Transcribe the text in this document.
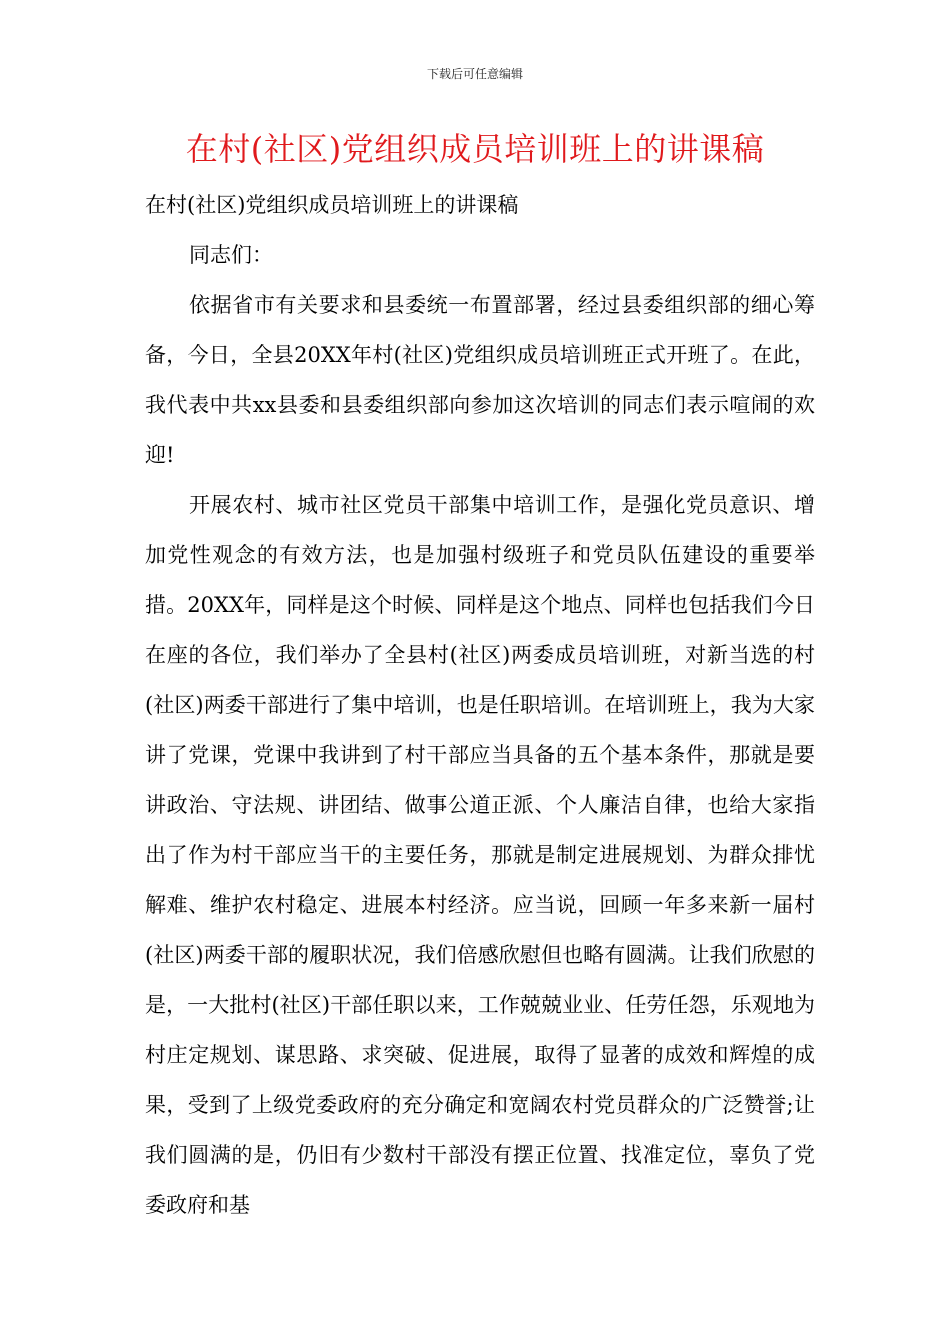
下载后可任意编辑
在村(社区)党组织成员培训班上的讲课稿

在村(社区)党组织成员培训班上的讲课稿

同志们：

依据省市有关要求和县委统一布置部署，经过县委组织部的细心筹备，今日，全县20XX年村(社区)党组织成员培训班正式开班了。在此，我代表中共xx县委和县委组织部向参加这次培训的同志们表示喧闹的欢迎!

开展农村、城市社区党员干部集中培训工作，是强化党员意识、增加党性观念的有效方法，也是加强村级班子和党员队伍建设的重要举措。20XX年，同样是这个时候、同样是这个地点、同样也包括我们今日在座的各位，我们举办了全县村(社区)两委成员培训班，对新当选的村(社区)两委干部进行了集中培训，也是任职培训。在培训班上，我为大家讲了党课，党课中我讲到了村干部应当具备的五个基本条件，那就是要讲政治、守法规、讲团结、做事公道正派、个人廉洁自律，也给大家指出了作为村干部应当干的主要任务，那就是制定进展规划、为群众排忧解难、维护农村稳定、进展本村经济。应当说，回顾一年多来新一届村(社区)两委干部的履职状况，我们倍感欣慰但也略有圆满。让我们欣慰的是，一大批村(社区)干部任职以来，工作兢兢业业、任劳任怨，乐观地为村庄定规划、谋思路、求突破、促进展，取得了显著的成效和辉煌的成果，受到了上级党委政府的充分确定和宽阔农村党员群众的广泛赞誉;让我们圆满的是，仍旧有少数村干部没有摆正位置、找准定位，辜负了党委政府和基
